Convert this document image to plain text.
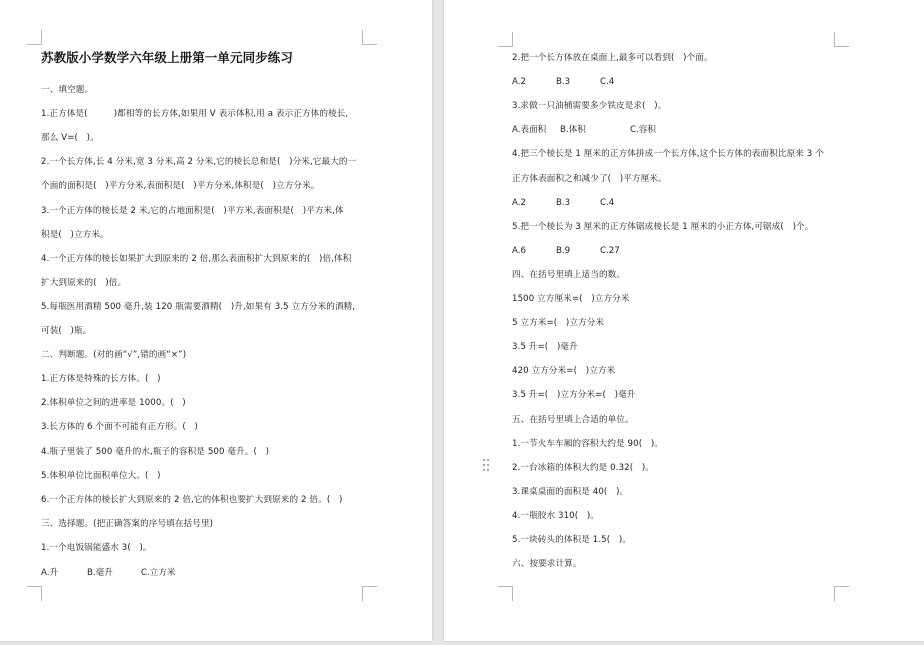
苏教版小学数学六年级上册第一单元同步练习
一、填空题。
1.正方体是(　　　)都相等的长方体,如果用 V 表示体积,用 a 表示正方体的棱长,
那么 V=(　)。
2.一个长方体,长 4 分米,宽 3 分米,高 2 分米,它的棱长总和是(　)分米,它最大的一
个面的面积是(　)平方分米,表面积是(　)平方分米,体积是(　)立方分米。
3.一个正方体的棱长是 2 米,它的占地面积是(　)平方米,表面积是(　)平方米,体
积是(　)立方米。
4.一个正方体的棱长如果扩大到原来的 2 倍,那么表面积扩大到原来的(　)倍,体积
扩大到原来的(　)倍。
5.每瓶医用酒精 500 毫升,装 120 瓶需要酒精(　)升,如果有 3.5 立方分米的酒精,
可装(　)瓶。
二、判断题。(对的画“√”,错的画“×”)
1.正方体是特殊的长方体。(　)
2.体积单位之间的进率是 1000。(　)
3.长方体的 6 个面不可能有正方形。(　)
4.瓶子里装了 500 毫升的水,瓶子的容积是 500 毫升。(　)
5.体积单位比面积单位大。(　)
6.一个正方体的棱长扩大到原来的 2 倍,它的体积也要扩大到原来的 2 倍。(　)
三、选择题。(把正确答案的序号填在括号里)
1.一个电饭锅能盛水 3(　)。
A.升	B.毫升	C.立方米
2.把一个长方体放在桌面上,最多可以看到(　)个面。
A.2	B.3	C.4
3.求做一只油桶需要多少铁皮是求(　)。
A.表面积 B.体积	C.容积
4.把三个棱长是 1 厘米的正方体拼成一个长方体,这个长方体的表面积比原来 3 个
正方体表面积之和减少了(　)平方厘米。
A.2	B.3	C.4
5.把一个棱长为 3 厘米的正方体锯成棱长是 1 厘米的小正方体,可锯成(　)个。
A.6	B.9	C.27
四、在括号里填上适当的数。
1500 立方厘米=(　)立方分米
5 立方米=(　)立方分米
3.5 升=(　)毫升
420 立方分米=(　)立方米
3.5 升=(　)立方分米=(　)毫升
五、在括号里填上合适的单位。
1.一节火车车厢的容积大约是 90(　)。
2.一台冰箱的体积大约是 0.32(　)。
3.课桌桌面的面积是 40(　)。
4.一瓶胶水 310(　)。
5.一块砖头的体积是 1.5(　)。
六、按要求计算。
